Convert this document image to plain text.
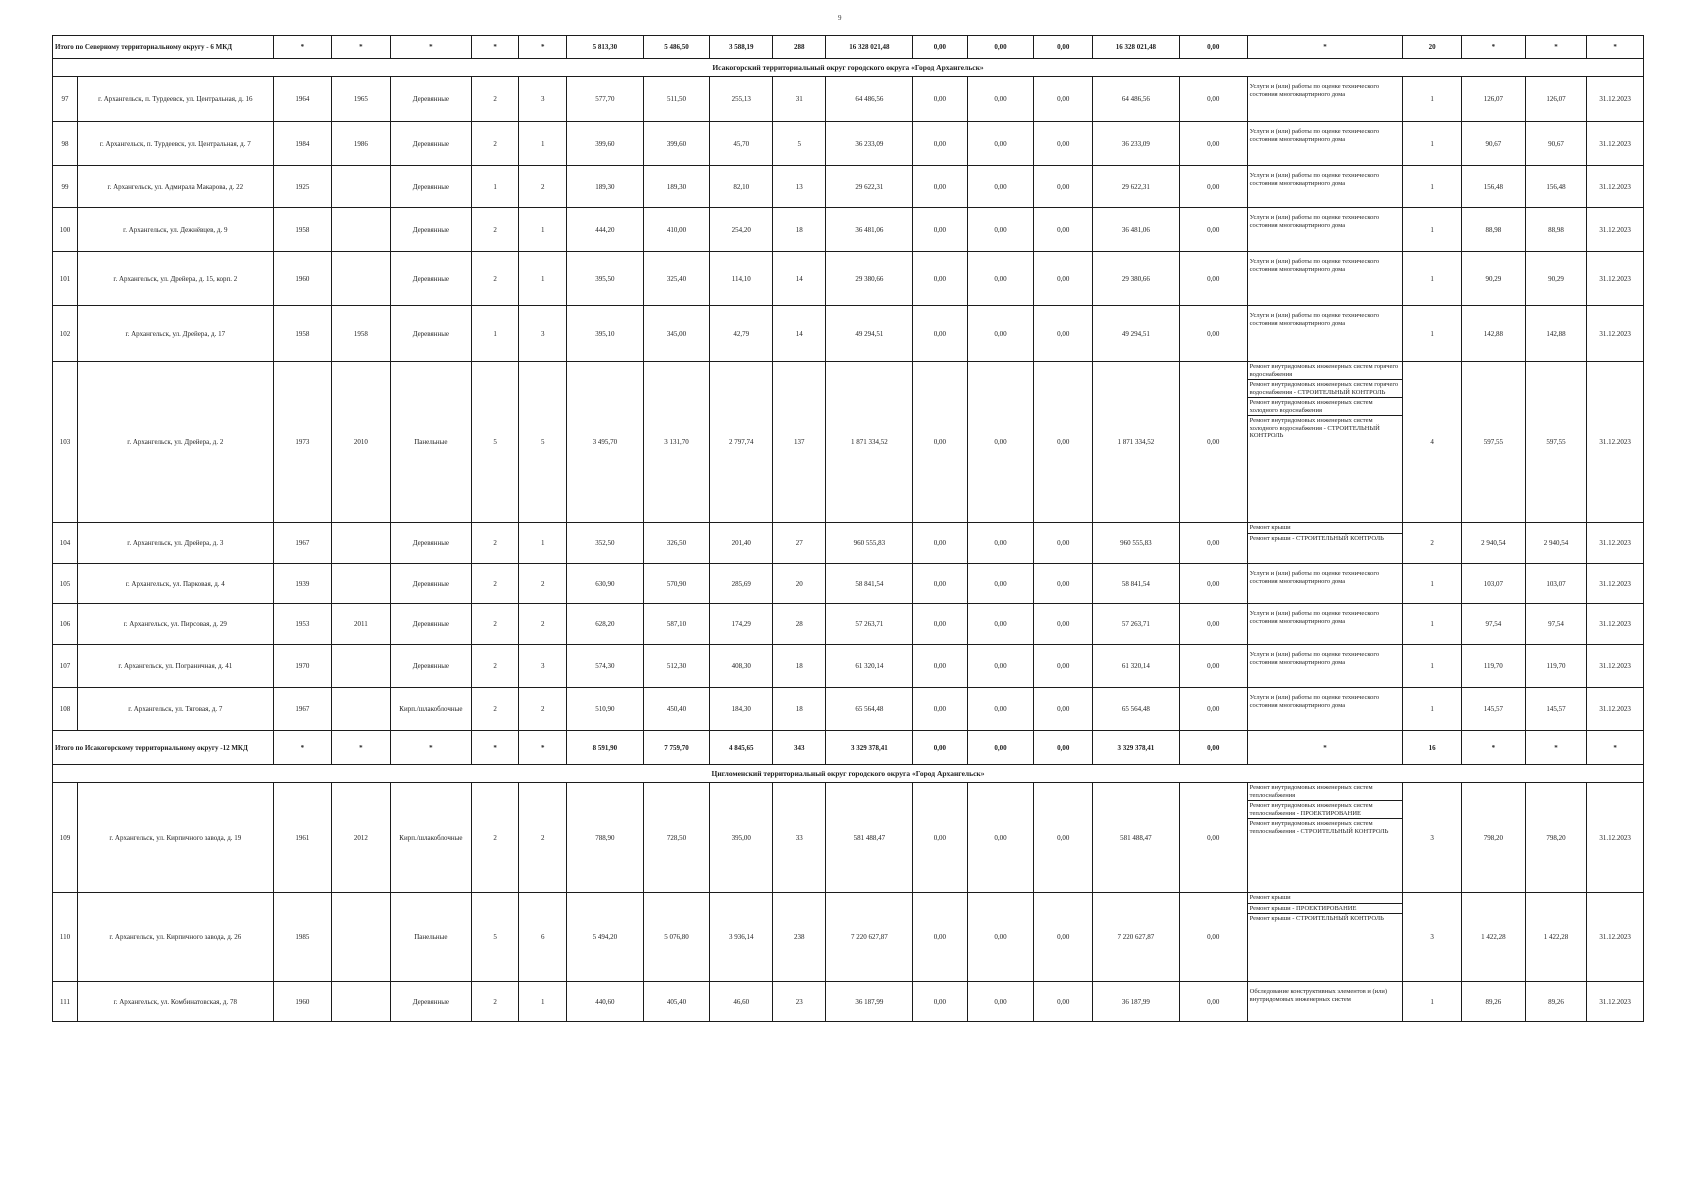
9
Итого по Северному территориальному округу - 6 МКД		*	*	*	*	*	5 813,30	5 486,50	3 588,19	288	16 328 021,48	0,00	0,00	0,00	16 328 021,48	0,00	*	20	*	*	*
Исакогорский территориальный округ городского округа «Город Архангельск»																					
97	г. Архангельск, п. Турдеевск, ул. Центральная, д. 16	1964	1965	Деревянные	2	3	577,70	511,50	255,13	31	64 486,56	0,00	0,00	0,00	64 486,56	0,00	Услуги и (или) работы по оценке технического состояния многоквартирного дома	1	126,07	126,07	31.12.2023
98	г. Архангельск, п. Турдеевск, ул. Центральная, д. 7	1984	1986	Деревянные	2	1	399,60	399,60	45,70	5	36 233,09	0,00	0,00	0,00	36 233,09	0,00	Услуги и (или) работы по оценке технического состояния многоквартирного дома	1	90,67	90,67	31.12.2023
99	г. Архангельск, ул. Адмирала Макарова, д. 22	1925		Деревянные	1	2	189,30	189,30	82,10	13	29 622,31	0,00	0,00	0,00	29 622,31	0,00	Услуги и (или) работы по оценке технического состояния многоквартирного дома	1	156,48	156,48	31.12.2023
100	г. Архангельск, ул. Дежнёвцев, д. 9	1958		Деревянные	2	1	444,20	410,00	254,20	18	36 481,06	0,00	0,00	0,00	36 481,06	0,00	Услуги и (или) работы по оценке технического состояния многоквартирного дома	1	88,98	88,98	31.12.2023
101	г. Архангельск, ул. Дрейера, д. 15, корп. 2	1960		Деревянные	2	1	395,50	325,40	114,10	14	29 380,66	0,00	0,00	0,00	29 380,66	0,00	Услуги и (или) работы по оценке технического состояния многоквартирного дома	1	90,29	90,29	31.12.2023
102	г. Архангельск, ул. Дрейера, д. 17	1958	1958	Деревянные	1	3	395,10	345,00	42,79	14	49 294,51	0,00	0,00	0,00	49 294,51	0,00	Услуги и (или) работы по оценке технического состояния многоквартирного дома	1	142,88	142,88	31.12.2023
103	г. Архангельск, ул. Дрейера, д. 2	1973	2010	Панельные	5	5	3 495,70	3 131,70	2 797,74	137	1 871 334,52	0,00	0,00	0,00	1 871 334,52	0,00	Ремонт внутридомовых инженерных систем горячего водоснабжения
Ремонт внутридомовых инженерных систем горячего водоснабжения - СТРОИТЕЛЬНЫЙ КОНТРОЛЬ
Ремонт внутридомовых инженерных систем холодного водоснабжения
Ремонт внутридомовых инженерных систем холодного водоснабжения - СТРОИТЕЛЬНЫЙ КОНТРОЛЬ	4	597,55	597,55	31.12.2023
104	г. Архангельск, ул. Дрейера, д. 3	1967		Деревянные	2	1	352,50	326,50	201,40	27	960 555,83	0,00	0,00	0,00	960 555,83	0,00	Ремонт крыши
Ремонт крыши - СТРОИТЕЛЬНЫЙ КОНТРОЛЬ	2	2 940,54	2 940,54	31.12.2023
105	г. Архангельск, ул. Парковая, д. 4	1939		Деревянные	2	2	630,90	570,90	285,69	20	58 841,54	0,00	0,00	0,00	58 841,54	0,00	Услуги и (или) работы по оценке технического состояния многоквартирного дома	1	103,07	103,07	31.12.2023
106	г. Архангельск, ул. Пирсовая, д. 29	1953	2011	Деревянные	2	2	628,20	587,10	174,29	28	57 263,71	0,00	0,00	0,00	57 263,71	0,00	Услуги и (или) работы по оценке технического состояния многоквартирного дома	1	97,54	97,54	31.12.2023
107	г. Архангельск, ул. Пограничная, д. 41	1970		Деревянные	2	3	574,30	512,30	408,30	18	61 320,14	0,00	0,00	0,00	61 320,14	0,00	Услуги и (или) работы по оценке технического состояния многоквартирного дома	1	119,70	119,70	31.12.2023
108	г. Архангельск, ул. Тяговая, д. 7	1967		Кирп./шлакоблочные	2	2	510,90	450,40	184,30	18	65 564,48	0,00	0,00	0,00	65 564,48	0,00	Услуги и (или) работы по оценке технического состояния многоквартирного дома	1	145,57	145,57	31.12.2023
Итого по Исакогорскому территориальному округу -12 МКД		*	*	*	*	*	8 591,90	7 759,70	4 845,65	343	3 329 378,41	0,00	0,00	0,00	3 329 378,41	0,00	*	16	*	*	*
Цигломенский территориальный округ городского округа «Город Архангельск»																					
109	г. Архангельск, ул. Кирпичного завода, д. 19	1961	2012	Кирп./шлакоблочные	2	2	788,90	728,50	395,00	33	581 488,47	0,00	0,00	0,00	581 488,47	0,00	Ремонт внутридомовых инженерных систем теплоснабжения
Ремонт внутридомовых инженерных систем теплоснабжения - ПРОЕКТИРОВАНИЕ
Ремонт внутридомовых инженерных систем теплоснабжения - СТРОИТЕЛЬНЫЙ КОНТРОЛЬ	3	798,20	798,20	31.12.2023
110	г. Архангельск, ул. Кирпичного завода, д. 26	1985		Панельные	5	6	5 494,20	5 076,80	3 936,14	238	7 220 627,87	0,00	0,00	0,00	7 220 627,87	0,00	Ремонт крыши
Ремонт крыши - ПРОЕКТИРОВАНИЕ
Ремонт крыши - СТРОИТЕЛЬНЫЙ КОНТРОЛЬ	3	1 422,28	1 422,28	31.12.2023
111	г. Архангельск, ул. Комбинатовская, д. 78	1960		Деревянные	2	1	440,60	405,40	46,60	23	36 187,99	0,00	0,00	0,00	36 187,99	0,00	Обследование конструктивных элементов и (или) внутридомовых инженерных систем	1	89,26	89,26	31.12.2023
